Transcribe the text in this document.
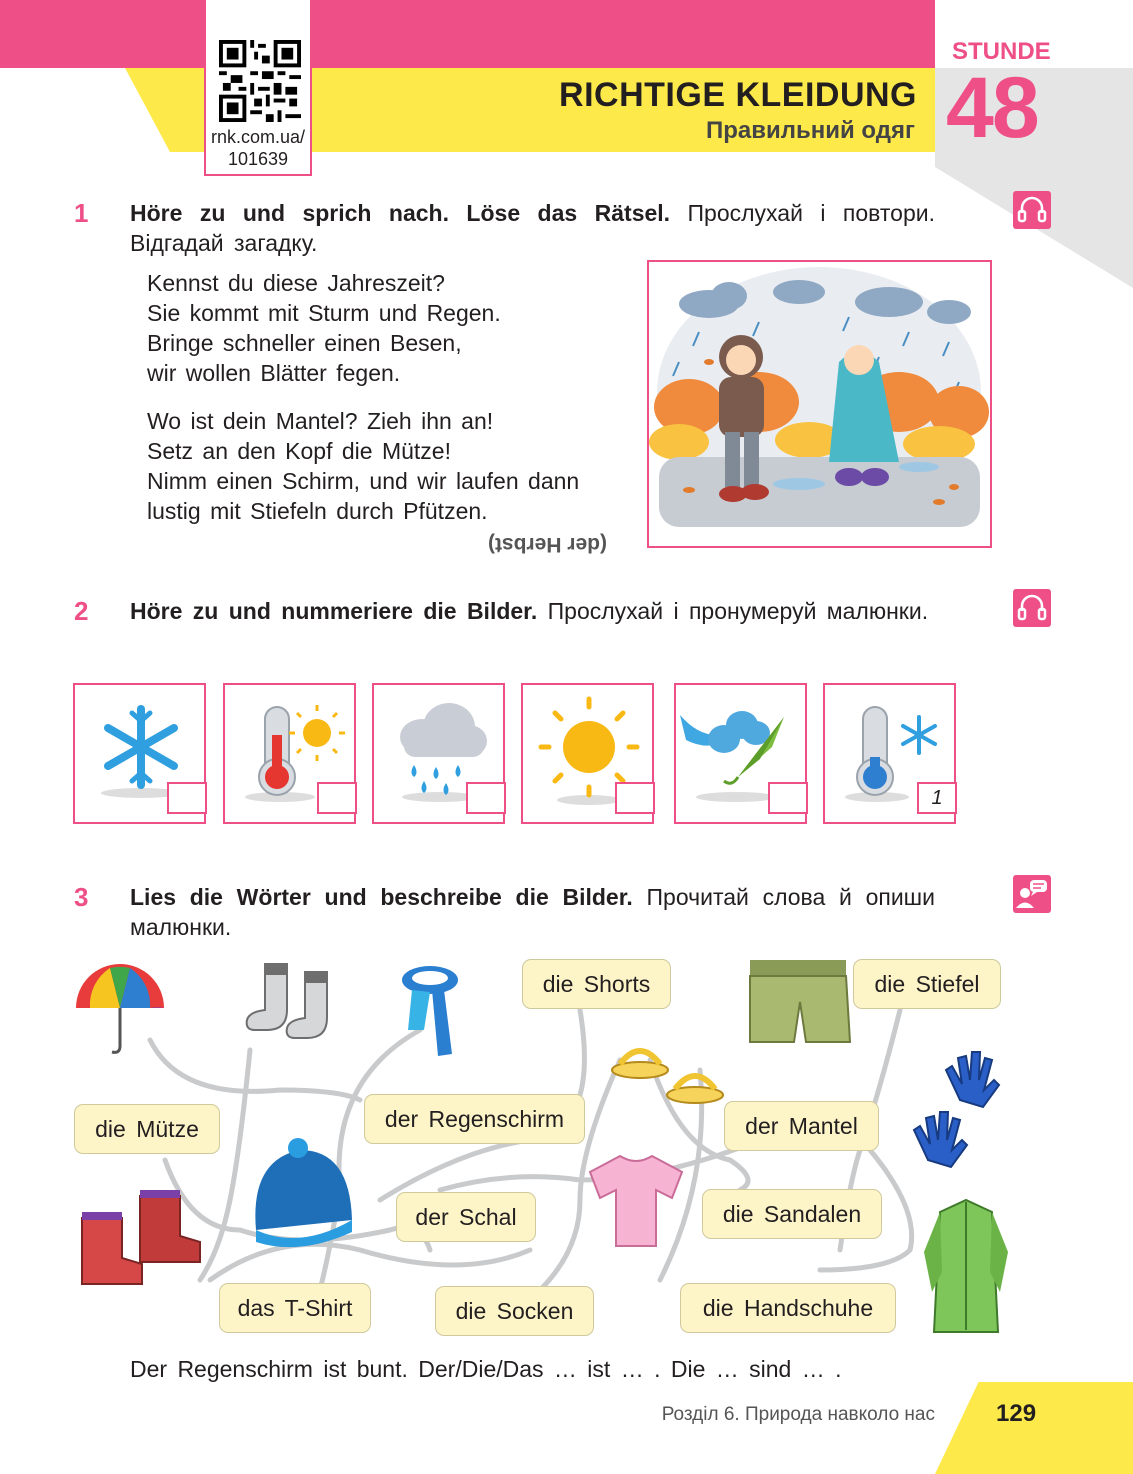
rnk.com.ua/
101639
RICHTIGE KLEIDUNG
Правильний одяг
STUNDE
48
1 Höre zu und sprich nach. Löse das Rätsel. Прослухай і повтори. Відгадай загадку.
Kennst du diese Jahreszeit?
Sie kommt mit Sturm und Regen.
Bringe schneller einen Besen,
wir wollen Blätter fegen.
Wo ist dein Mantel? Zieh ihn an!
Setz an den Kopf die Mütze!
Nimm einen Schirm, und wir laufen dann
lustig mit Stiefeln durch Pfützen.
(der Herbst)
2 Höre zu und nummeriere die Bilder. Прослухай і пронумеруй малюнки.
1
3 Lies die Wörter und beschreibe die Bilder. Прочитай слова й опиши малюнки.
die Shorts	die Stiefel
die Mütze	der Regenschirm	der Mantel
der Schal	die Sandalen
das T-Shirt	die Socken	die Handschuhe
Der Regenschirm ist bunt. Der/Die/Das … ist … . Die … sind … .
Розділ 6. Природа навколо нас	129
